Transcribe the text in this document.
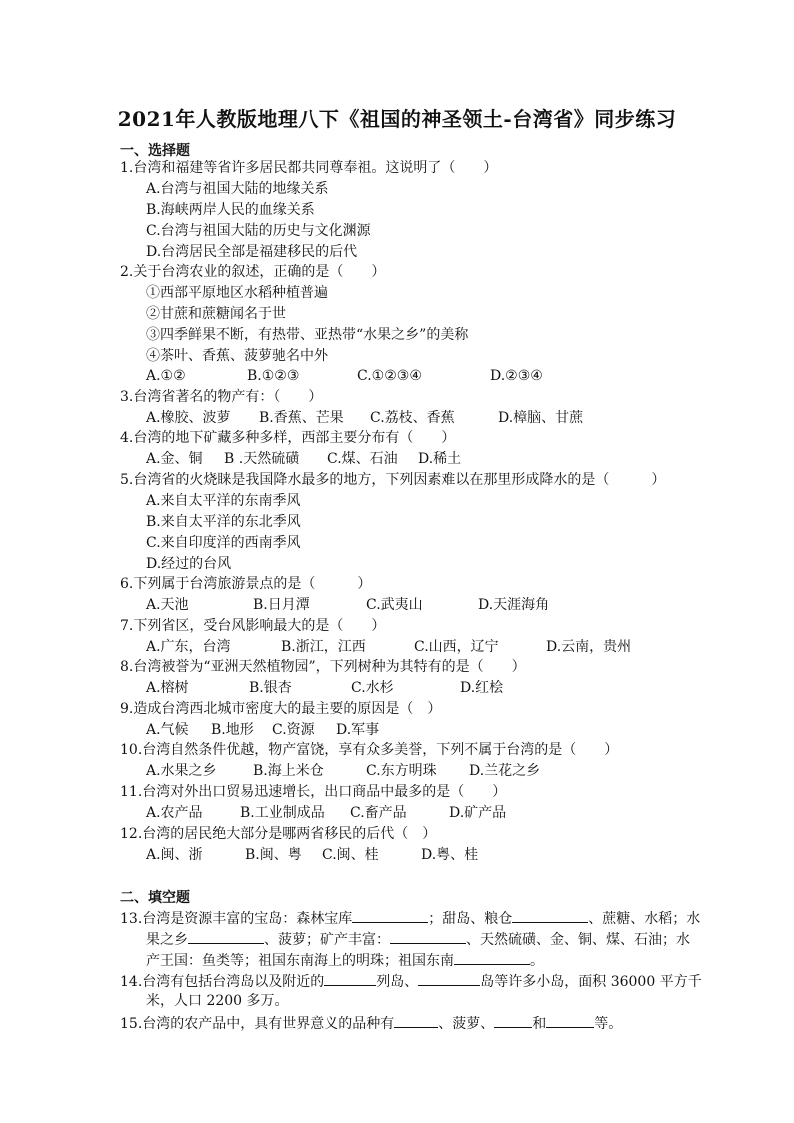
2021年人教版地理八下《祖国的神圣领土-台湾省》同步练习
一、选择题
1.台湾和福建等省许多居民都共同尊奉祖。这说明了（　　）
A.台湾与祖国大陆的地缘关系
B.海峡两岸人民的血缘关系
C.台湾与祖国大陆的历史与文化渊源
D.台湾居民全部是福建移民的后代
2.关于台湾农业的叙述，正确的是（　　）
①西部平原地区水稻种植普遍
②甘蔗和蔗糖闻名于世
③四季鲜果不断，有热带、亚热带“水果之乡”的美称
④茶叶、香蕉、菠萝驰名中外
A.①②	B.①②③	C.①②③④	D.②③④
3.台湾省著名的物产有：（　　）
A.橡胶、波萝 B.香蕉、芒果 C.荔枝、香蕉	D.樟脑、甘蔗
4.台湾的地下矿藏多种多样，西部主要分布有（　　）
A.金、铜 B .天然硫磺 C.煤、石油 D.稀土
5.台湾省的火烧睐是我国降水最多的地方，下列因素难以在那里形成降水的是（　　　）
A.来自太平洋的东南季风
B.来自太平洋的东北季风
C.来自印度洋的西南季风
D.经过的台风
6.下列属于台湾旅游景点的是（　　　）
A.天池	B.日月潭	C.武夷山	D.天涯海角
7.下列省区，受台风影响最大的是（　　）
A.广东，台湾	B.浙江，江西	C.山西，辽宁	D.云南，贵州
8.台湾被誉为“亚洲天然植物园”，下列树种为其特有的是（　　）
A.榕树	B.银杏	C.水杉	D.红桧
9.造成台湾西北城市密度大的最主要的原因是（　）
A.气候 B.地形 C.资源 D.军事
10.台湾自然条件优越，物产富饶，享有众多美誉，下列不属于台湾的是（　　）
A.水果之乡	B.海上米仓	C.东方明珠 D.兰花之乡
11.台湾对外出口贸易迅速增长，出口商品中最多的是（　　）
A.农产品	B.工业制成品 C.畜产品	D.矿产品
12.台湾的居民绝大部分是哪两省移民的后代（　）
A.闽、浙	B.闽、粤 C.闽、桂	D.粤、桂
二、填空题
13.台湾是资源丰富的宝岛：森林宝库	；甜岛、粮仓	、蔗糖、水稻；水
果之乡	、菠萝；矿产丰富：	、天然硫磺、金、铜、煤、石油；水
产王国：鱼类等；祖国东南海上的明珠；祖国东南	。
14.台湾有包括台湾岛以及附近的	列岛、	岛等许多小岛，面积 36000 平方千
米，人口 2200 多万。
15.台湾的农产品中，具有世界意义的品种有	、菠萝、	和	等。
